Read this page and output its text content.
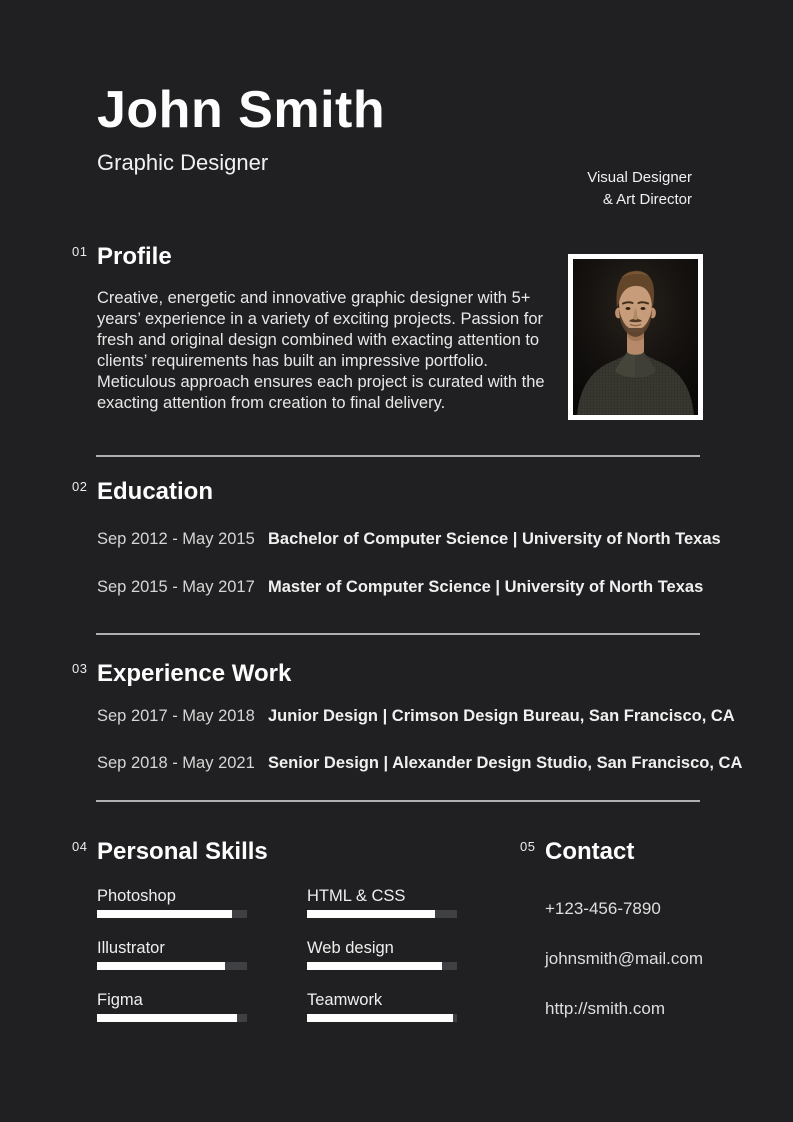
John Smith
Graphic Designer
Visual Designer
& Art Director
01 Profile

Creative, energetic and innovative graphic designer with 5+ years’ experience in a variety of exciting projects. Passion for fresh and original design combined with exacting attention to clients’ requirements has built an impressive portfolio. Meticulous approach ensures each project is curated with the exacting attention from creation to final delivery.

02 Education
Sep 2012 - May 2015 Bachelor of Computer Science | University of North Texas
Sep 2015 - May 2017 Master of Computer Science | University of North Texas
03 Experience Work
Sep 2017 - May 2018 Junior Design | Crimson Design Bureau, San Francisco, CA
Sep 2018 - May 2021 Senior Design | Alexander Design Studio, San Francisco, CA
04 Personal Skills
Photoshop	HTML & CSS
Illustrator	Web design
Figma	Teamwork
05 Contact
+123-456-7890
johnsmith@mail.com
http://smith.com
